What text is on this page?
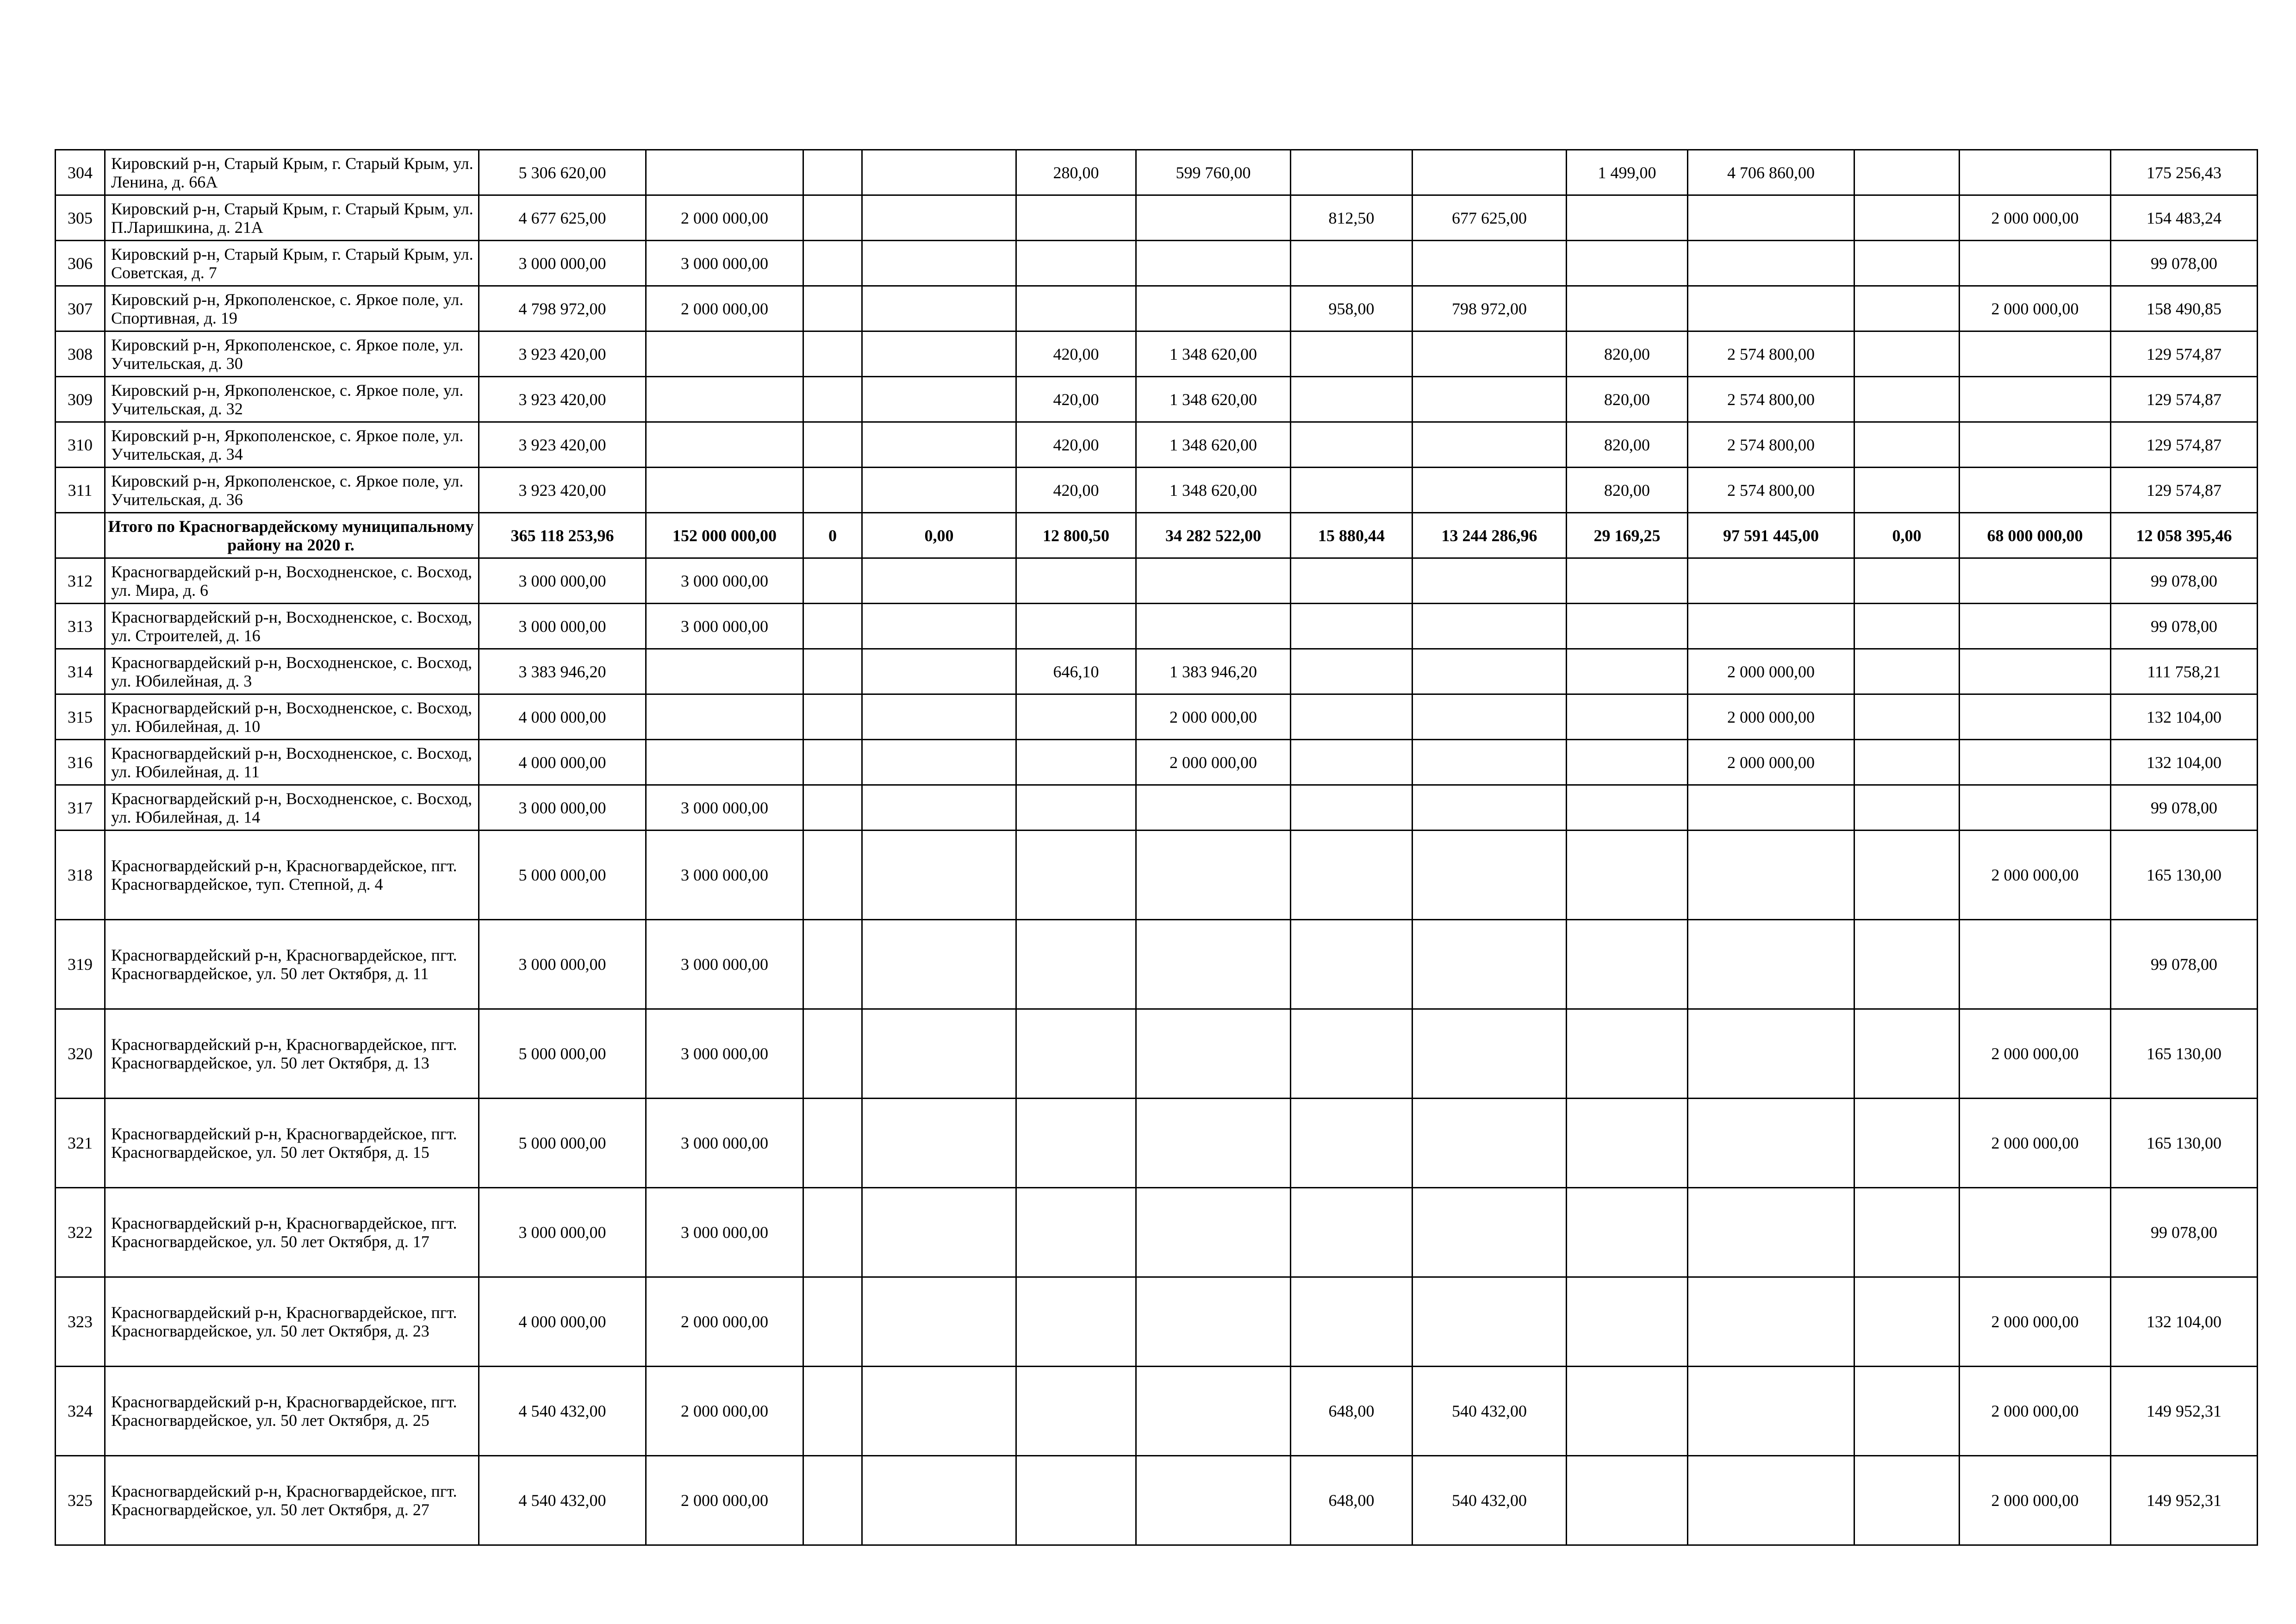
304	Кировский р-н, Старый Крым, г. Старый Крым, ул. Ленина, д. 66А	5 306 620,00				280,00	599 760,00			1 499,00	4 706 860,00			175 256,43
305	Кировский р-н, Старый Крым, г. Старый Крым, ул. П.Ларишкина, д. 21А	4 677 625,00	2 000 000,00					812,50	677 625,00				2 000 000,00	154 483,24
306	Кировский р-н, Старый Крым, г. Старый Крым, ул. Советская, д. 7	3 000 000,00	3 000 000,00											99 078,00
307	Кировский р-н, Яркополенское, с. Яркое поле, ул. Спортивная, д. 19	4 798 972,00	2 000 000,00					958,00	798 972,00				2 000 000,00	158 490,85
308	Кировский р-н, Яркополенское, с. Яркое поле, ул. Учительская, д. 30	3 923 420,00				420,00	1 348 620,00			820,00	2 574 800,00			129 574,87
309	Кировский р-н, Яркополенское, с. Яркое поле, ул. Учительская, д. 32	3 923 420,00				420,00	1 348 620,00			820,00	2 574 800,00			129 574,87
310	Кировский р-н, Яркополенское, с. Яркое поле, ул. Учительская, д. 34	3 923 420,00				420,00	1 348 620,00			820,00	2 574 800,00			129 574,87
311	Кировский р-н, Яркополенское, с. Яркое поле, ул. Учительская, д. 36	3 923 420,00				420,00	1 348 620,00			820,00	2 574 800,00			129 574,87
	Итого по Красногвардейскому муниципальному району на 2020 г.	365 118 253,96	152 000 000,00	0	0,00	12 800,50	34 282 522,00	15 880,44	13 244 286,96	29 169,25	97 591 445,00	0,00	68 000 000,00	12 058 395,46
312	Красногвардейский р-н, Восходненское, с. Восход, ул. Мира, д. 6	3 000 000,00	3 000 000,00											99 078,00
313	Красногвардейский р-н, Восходненское, с. Восход, ул. Строителей, д. 16	3 000 000,00	3 000 000,00											99 078,00
314	Красногвардейский р-н, Восходненское, с. Восход, ул. Юбилейная, д. 3	3 383 946,20				646,10	1 383 946,20				2 000 000,00			111 758,21
315	Красногвардейский р-н, Восходненское, с. Восход, ул. Юбилейная, д. 10	4 000 000,00					2 000 000,00				2 000 000,00			132 104,00
316	Красногвардейский р-н, Восходненское, с. Восход, ул. Юбилейная, д. 11	4 000 000,00					2 000 000,00				2 000 000,00			132 104,00
317	Красногвардейский р-н, Восходненское, с. Восход, ул. Юбилейная, д. 14	3 000 000,00	3 000 000,00											99 078,00
318	Красногвардейский р-н, Красногвардейское, пгт. Красногвардейское, туп. Степной, д. 4	5 000 000,00	3 000 000,00										2 000 000,00	165 130,00
319	Красногвардейский р-н, Красногвардейское, пгт. Красногвардейское, ул. 50 лет Октября, д. 11	3 000 000,00	3 000 000,00											99 078,00
320	Красногвардейский р-н, Красногвардейское, пгт. Красногвардейское, ул. 50 лет Октября, д. 13	5 000 000,00	3 000 000,00										2 000 000,00	165 130,00
321	Красногвардейский р-н, Красногвардейское, пгт. Красногвардейское, ул. 50 лет Октября, д. 15	5 000 000,00	3 000 000,00										2 000 000,00	165 130,00
322	Красногвардейский р-н, Красногвардейское, пгт. Красногвардейское, ул. 50 лет Октября, д. 17	3 000 000,00	3 000 000,00											99 078,00
323	Красногвардейский р-н, Красногвардейское, пгт. Красногвардейское, ул. 50 лет Октября, д. 23	4 000 000,00	2 000 000,00										2 000 000,00	132 104,00
324	Красногвардейский р-н, Красногвардейское, пгт. Красногвардейское, ул. 50 лет Октября, д. 25	4 540 432,00	2 000 000,00					648,00	540 432,00				2 000 000,00	149 952,31
325	Красногвардейский р-н, Красногвардейское, пгт. Красногвардейское, ул. 50 лет Октября, д. 27	4 540 432,00	2 000 000,00					648,00	540 432,00				2 000 000,00	149 952,31
